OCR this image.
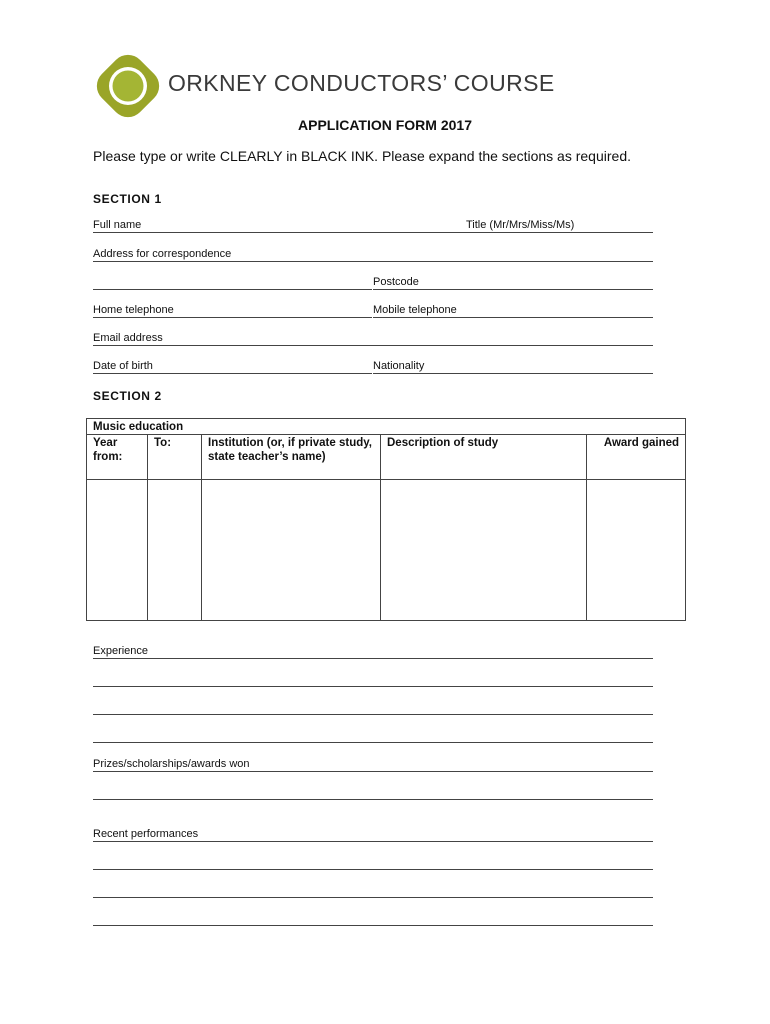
ORKNEY CONDUCTORS’ COURSE
APPLICATION FORM 2017
Please type or write CLEARLY in BLACK INK. Please expand the sections as required.
SECTION 1
Full name	Title (Mr/Mrs/Miss/Ms)
Address for correspondence
Postcode
Home telephone	Mobile telephone
Email address
Date of birth	Nationality
SECTION 2
Music education				
Year from:	To:	Institution (or, if private study, state teacher’s name)	Description of study	Award gained

Experience
Prizes/scholarships/awards won
Recent performances
